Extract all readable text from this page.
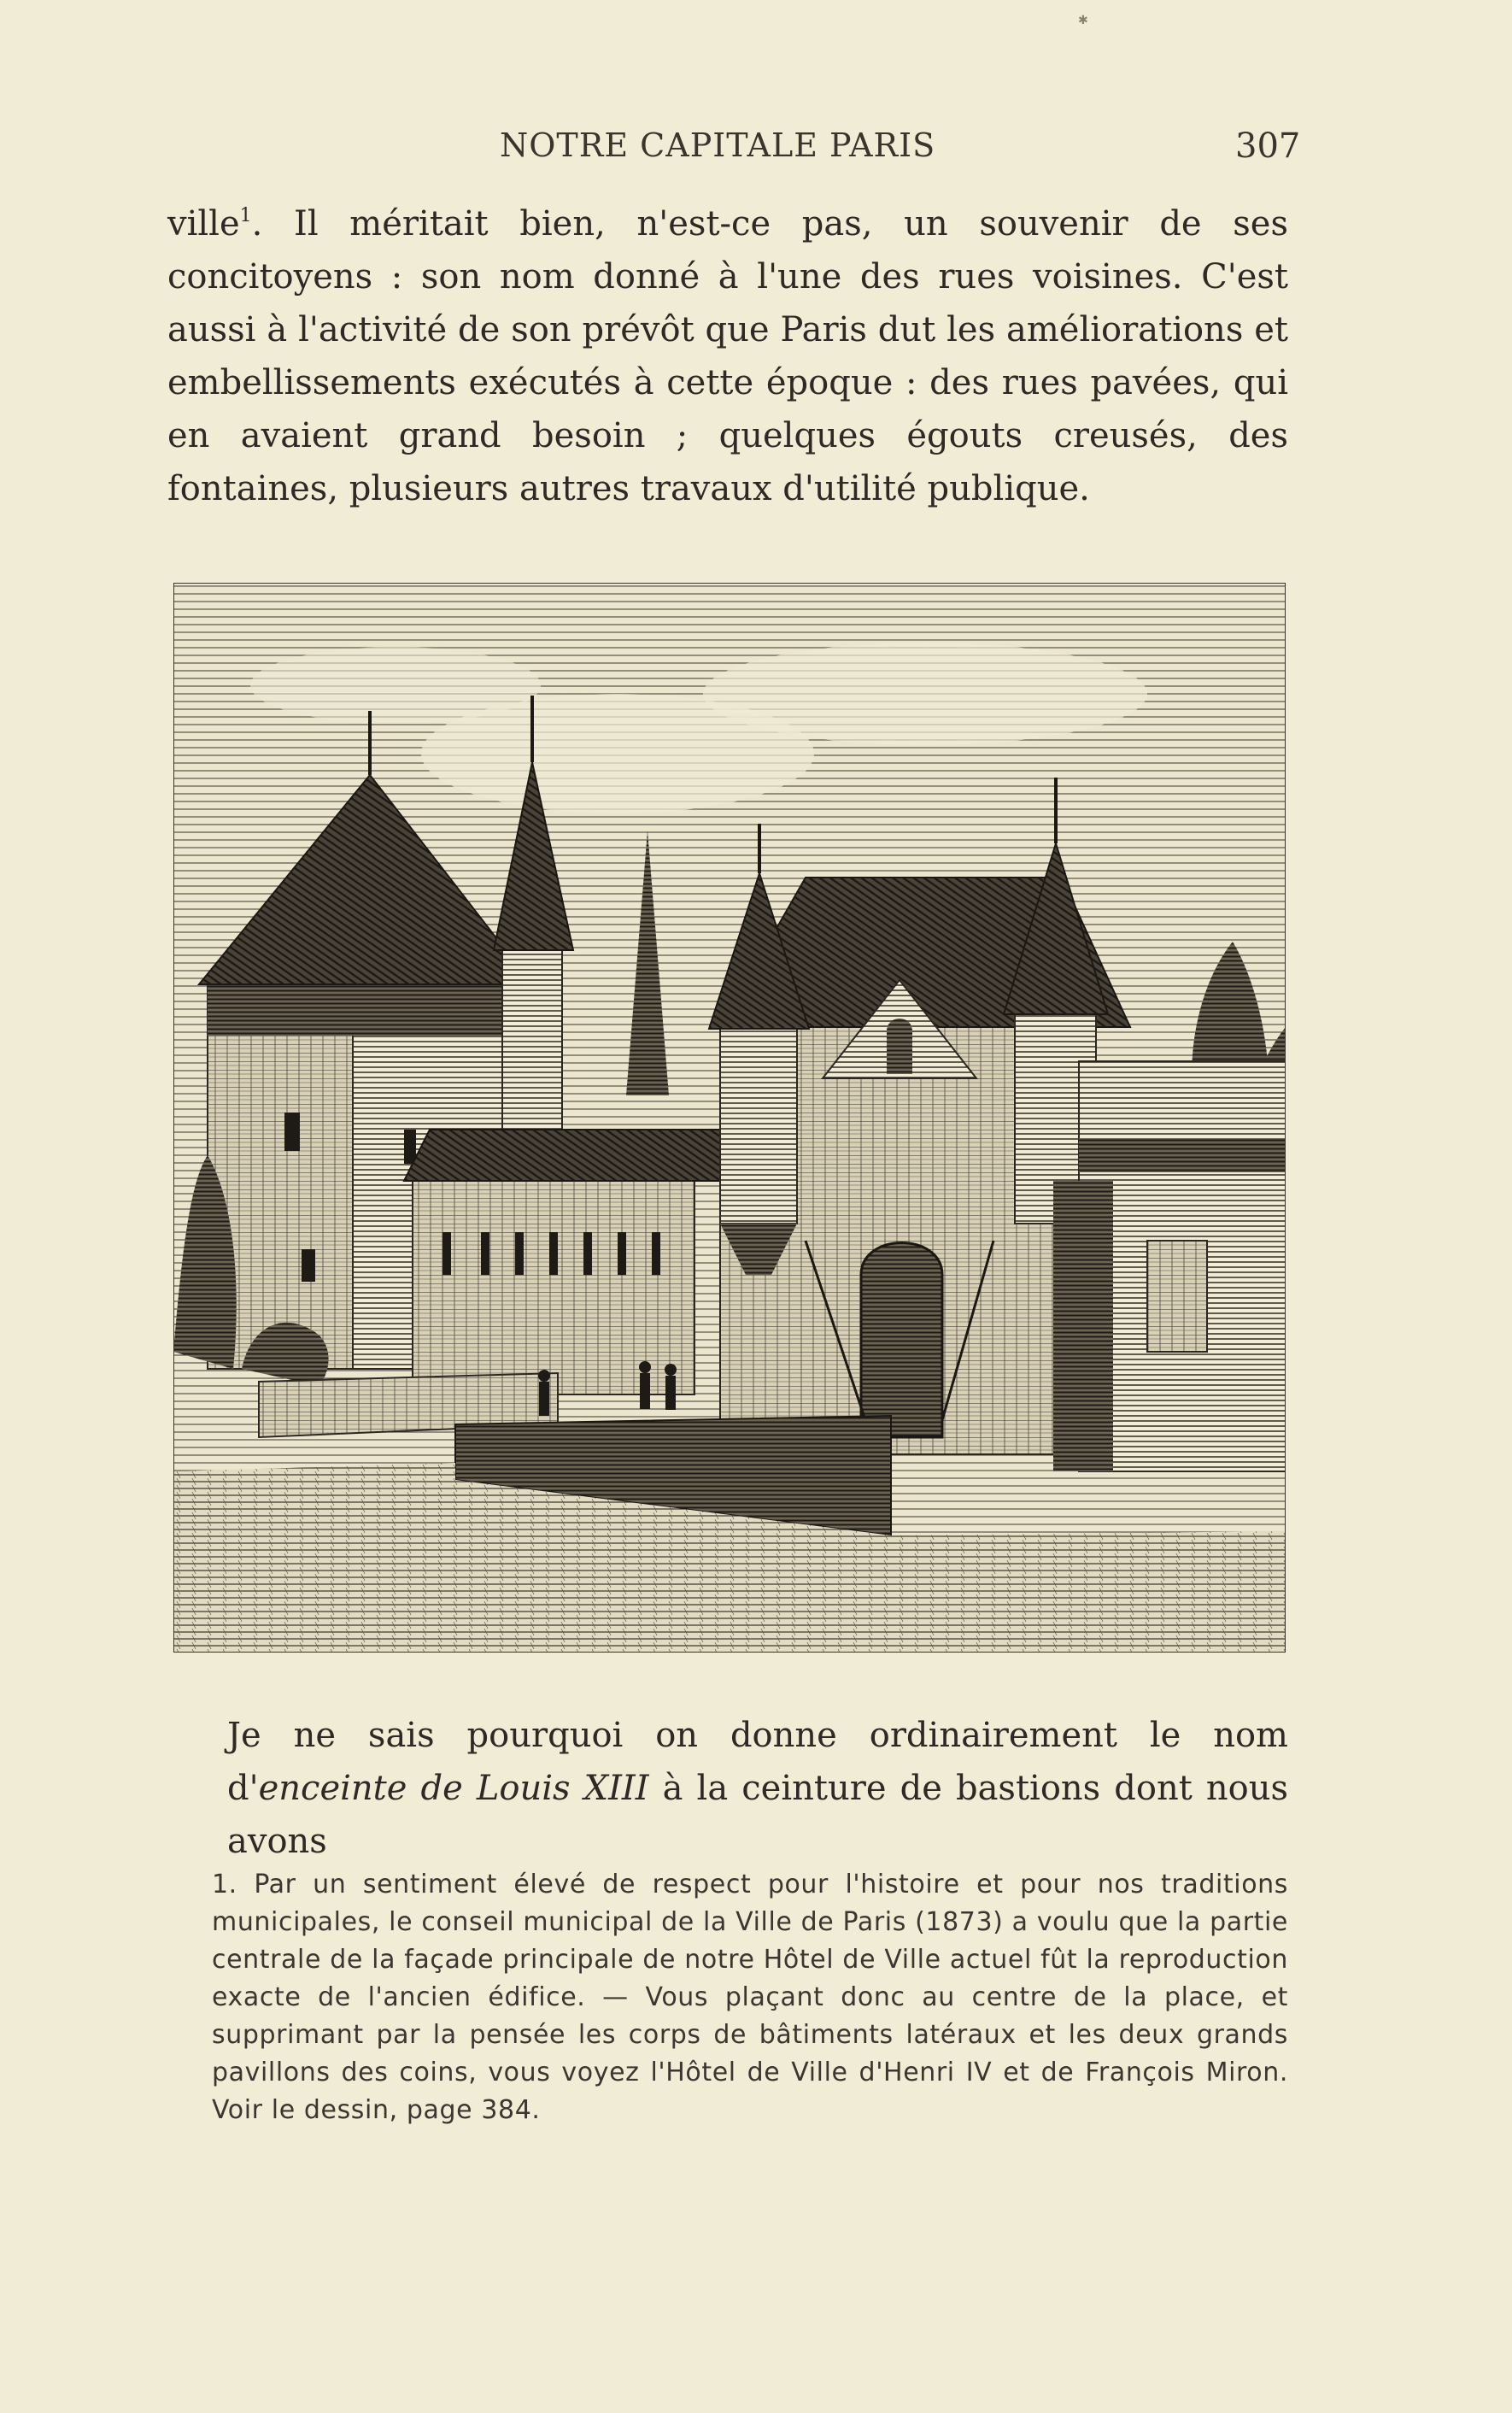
✱
NOTRE CAPITALE PARIS	307

ville$^1$. Il méritait bien, n'est-ce pas, un souvenir de ses concitoyens : son nom donné à l'une des rues voisines. C'est aussi à l'activité de son prévôt que Paris dut les améliorations et embellissements exécutés à cette époque : des rues pavées, qui en avaient grand besoin ; quelques égouts creusés, des fontaines, plusieurs autres travaux d'utilité publique.

Je ne sais pourquoi on donne ordinairement le nom d'enceinte de Louis XIII à la ceinture de bastions dont nous avons

1. Par un sentiment élevé de respect pour l'histoire et pour nos traditions municipales, le conseil municipal de la Ville de Paris (1873) a voulu que la partie centrale de la façade principale de notre Hôtel de Ville actuel fût la reproduction exacte de l'ancien édifice. — Vous plaçant donc au centre de la place, et supprimant par la pensée les corps de bâtiments latéraux et les deux grands pavillons des coins, vous voyez l'Hôtel de Ville d'Henri IV et de François Miron. Voir le dessin, page 384.
